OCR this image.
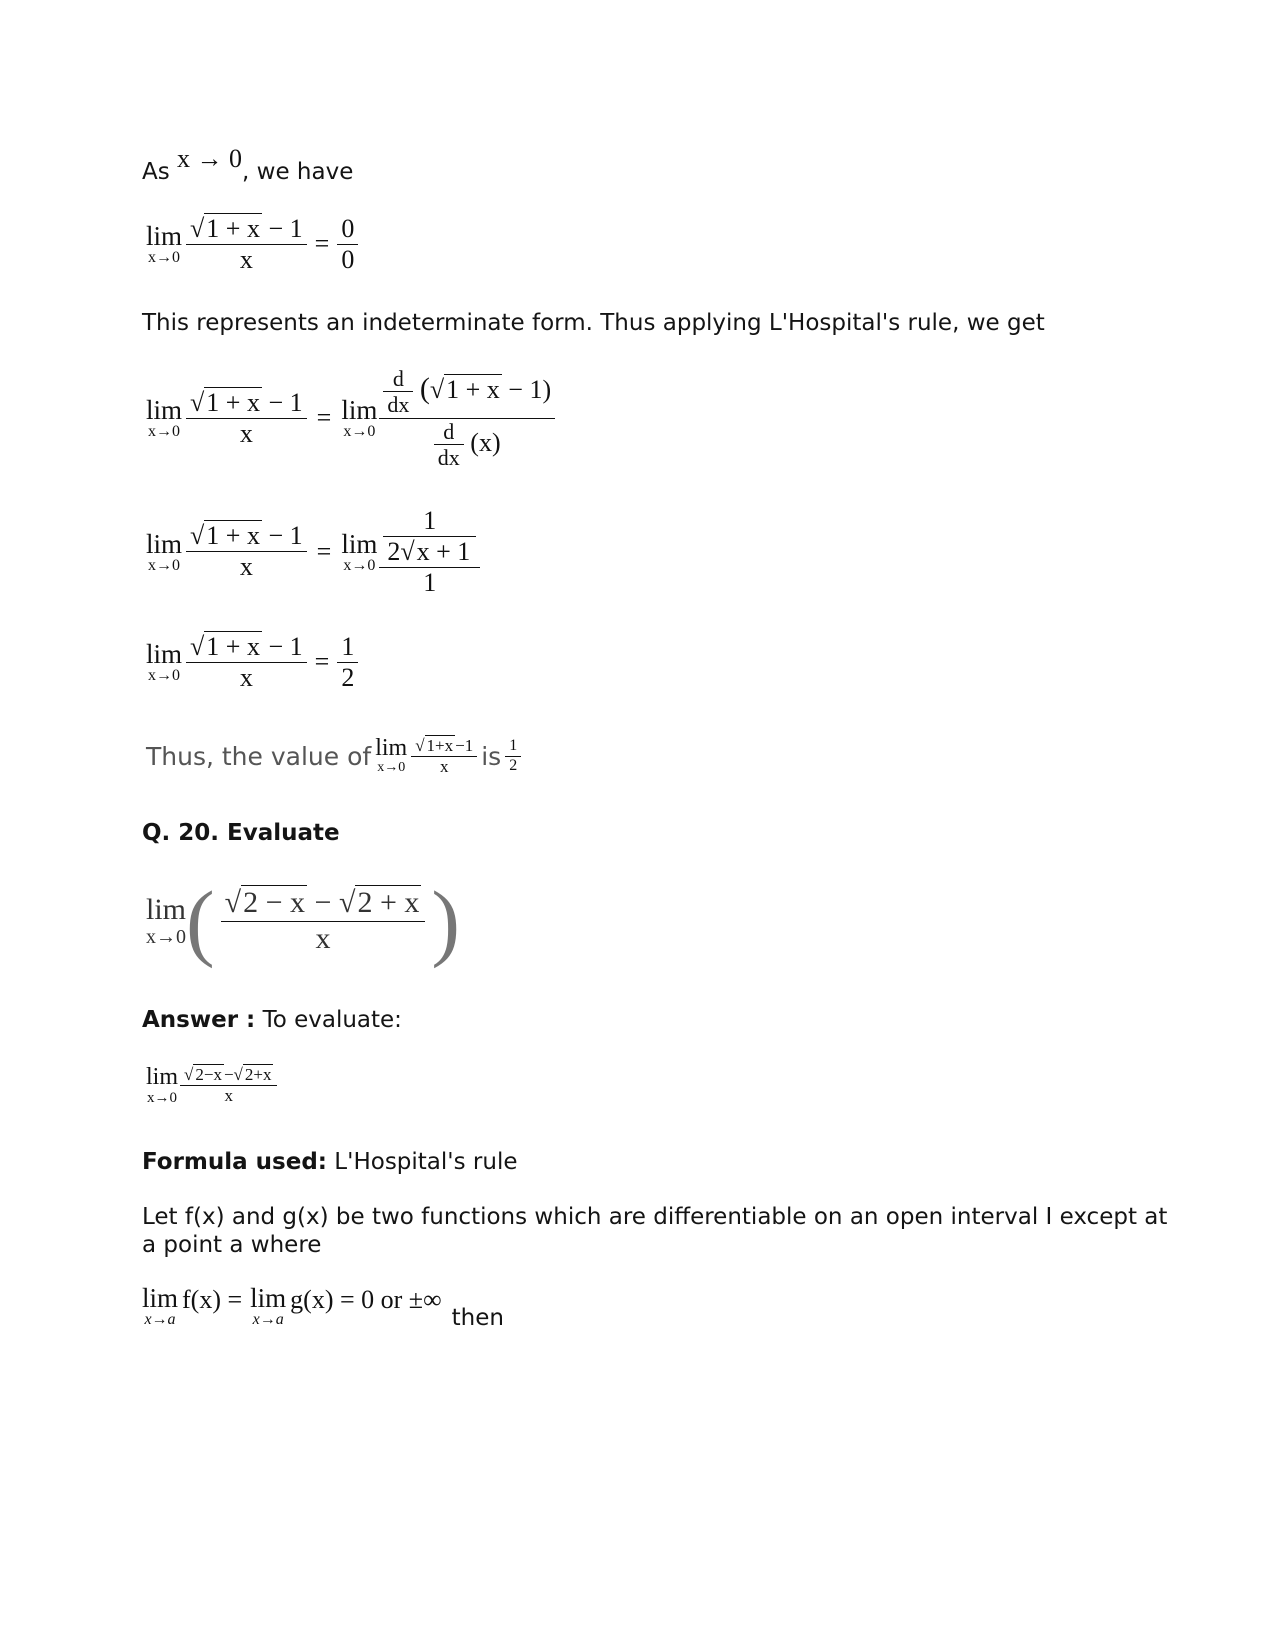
As x → 0, we have
lim
$x\to 0 \frac{√1 + x - 1}{x} = \frac{0}{0}$
This represents an indeterminate form. Thus applying L'Hospital's rule, we get
lim
$x\to 0 \frac{√1 + x - 1}{x} = \lim$
$x\to 0 \frac{\frac{d}{dx} (√1 + x - 1)}{\frac{d}{dx} (x)}$
lim
$x\to 0 \frac{√1 + x - 1}{x} = \lim$
$x\to 0 \frac{\frac{1}{2√x + 1}}{1}$
lim
$x\to 0 \frac{√1 + x - 1}{x} = \frac{1}{2}$
Thus, the value of lim
$x\to 0 \frac{√ 1+x -1}{x}$ is $\frac{1}{2}$
Q. 20. Evaluate
lim
x→0 ( $\frac{√2 - x - √2 + x}{x}$ )
Answer : To evaluate:
lim
$x\to 0 \frac{√ 2-x -√ 2+x}{x}$
Formula used: L'Hospital's rule
Let f(x) and g(x) be two functions which are differentiable on an open interval I except at
a point a where
lim
x→a
f(x) = lim
x→a
g(x) = 0 or ±∞
then
